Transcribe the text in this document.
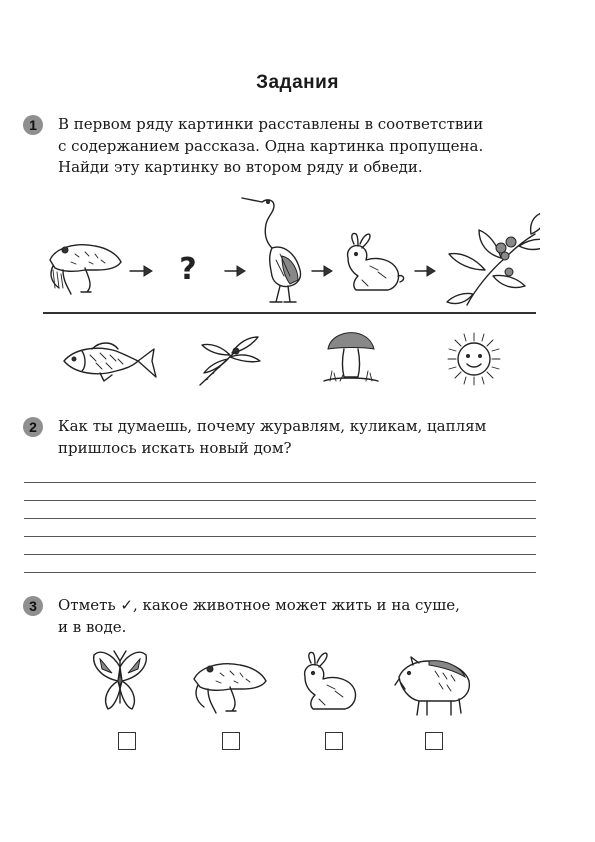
Задания
1	В первом ряду картинки расставлены в соответствии
с содержанием рассказа. Одна картинка пропущена.
Найди эту картинку во втором ряду и обведи.
?
2	Как ты думаешь, почему журавлям, куликам, цаплям
пришлось искать новый дом?
3	Отметь ✓, какое животное может жить и на суше,
и в воде.
